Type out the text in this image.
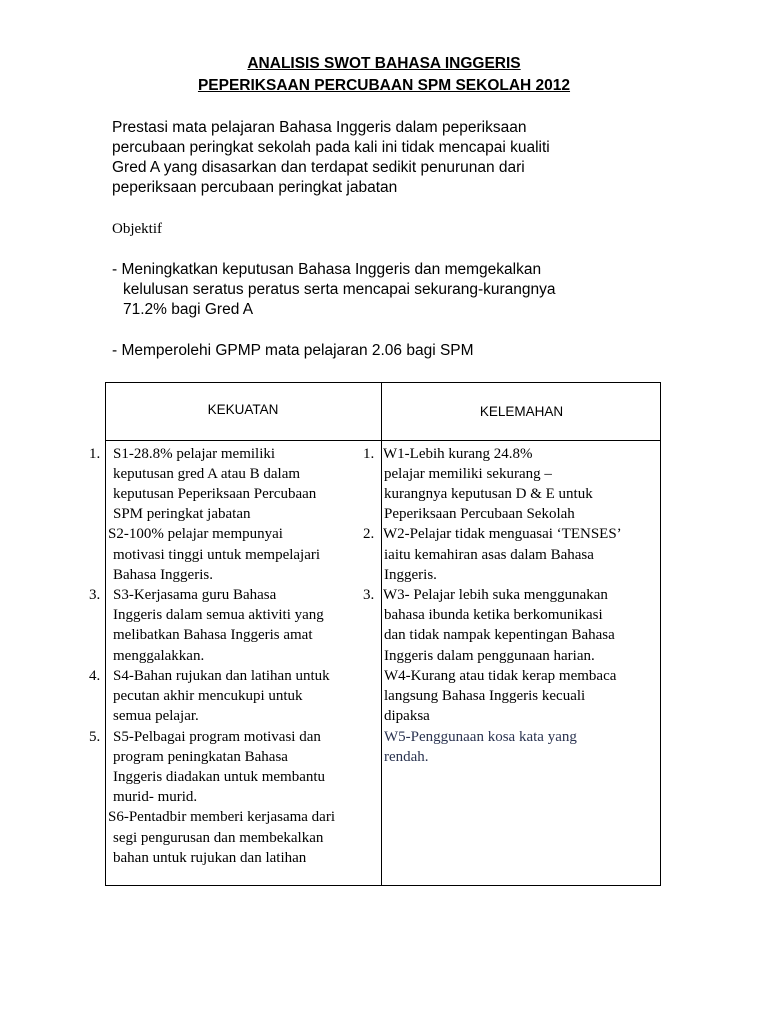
ANALISIS SWOT BAHASA INGGERIS
PEPERIKSAAN PERCUBAAN SPM SEKOLAH 2012
Prestasi mata pelajaran Bahasa Inggeris dalam peperiksaan
percubaan peringkat sekolah pada kali ini tidak mencapai kualiti
Gred A yang disasarkan dan terdapat sedikit penurunan dari
peperiksaan percubaan peringkat jabatan
Objektif
- Meningkatkan keputusan Bahasa Inggeris dan memgekalkan
kelulusan seratus peratus serta mencapai sekurang-kurangnya
71.2% bagi Gred A
- Memperolehi GPMP mata pelajaran 2.06 bagi SPM
KEKUATAN	KELEMAHAN
1.
3.
4.
5.
S1-28.8% pelajar memiliki
keputusan gred A atau B dalam
keputusan Peperiksaan Percubaan
SPM peringkat jabatan
S2-100% pelajar mempunyai
motivasi tinggi untuk mempelajari
Bahasa Inggeris.
S3-Kerjasama guru Bahasa
Inggeris dalam semua aktiviti yang
melibatkan Bahasa Inggeris amat
menggalakkan.
S4-Bahan rujukan dan latihan untuk
pecutan akhir mencukupi untuk
semua pelajar.
S5-Pelbagai program motivasi dan
program peningkatan Bahasa
Inggeris diadakan untuk membantu
murid- murid.
S6-Pentadbir memberi kerjasama dari
segi pengurusan dan membekalkan
bahan untuk rujukan dan latihan
1.
2.
3.
W1-Lebih kurang 24.8%
pelajar memiliki sekurang –
kurangnya keputusan D & E untuk
Peperiksaan Percubaan Sekolah
W2-Pelajar tidak menguasai ‘TENSES’
iaitu kemahiran asas dalam Bahasa
Inggeris.
W3- Pelajar lebih suka menggunakan
bahasa ibunda ketika berkomunikasi
dan tidak nampak kepentingan Bahasa
Inggeris dalam penggunaan harian.
W4-Kurang atau tidak kerap membaca
langsung Bahasa Inggeris kecuali
dipaksa
W5-Penggunaan kosa kata yang
rendah.
